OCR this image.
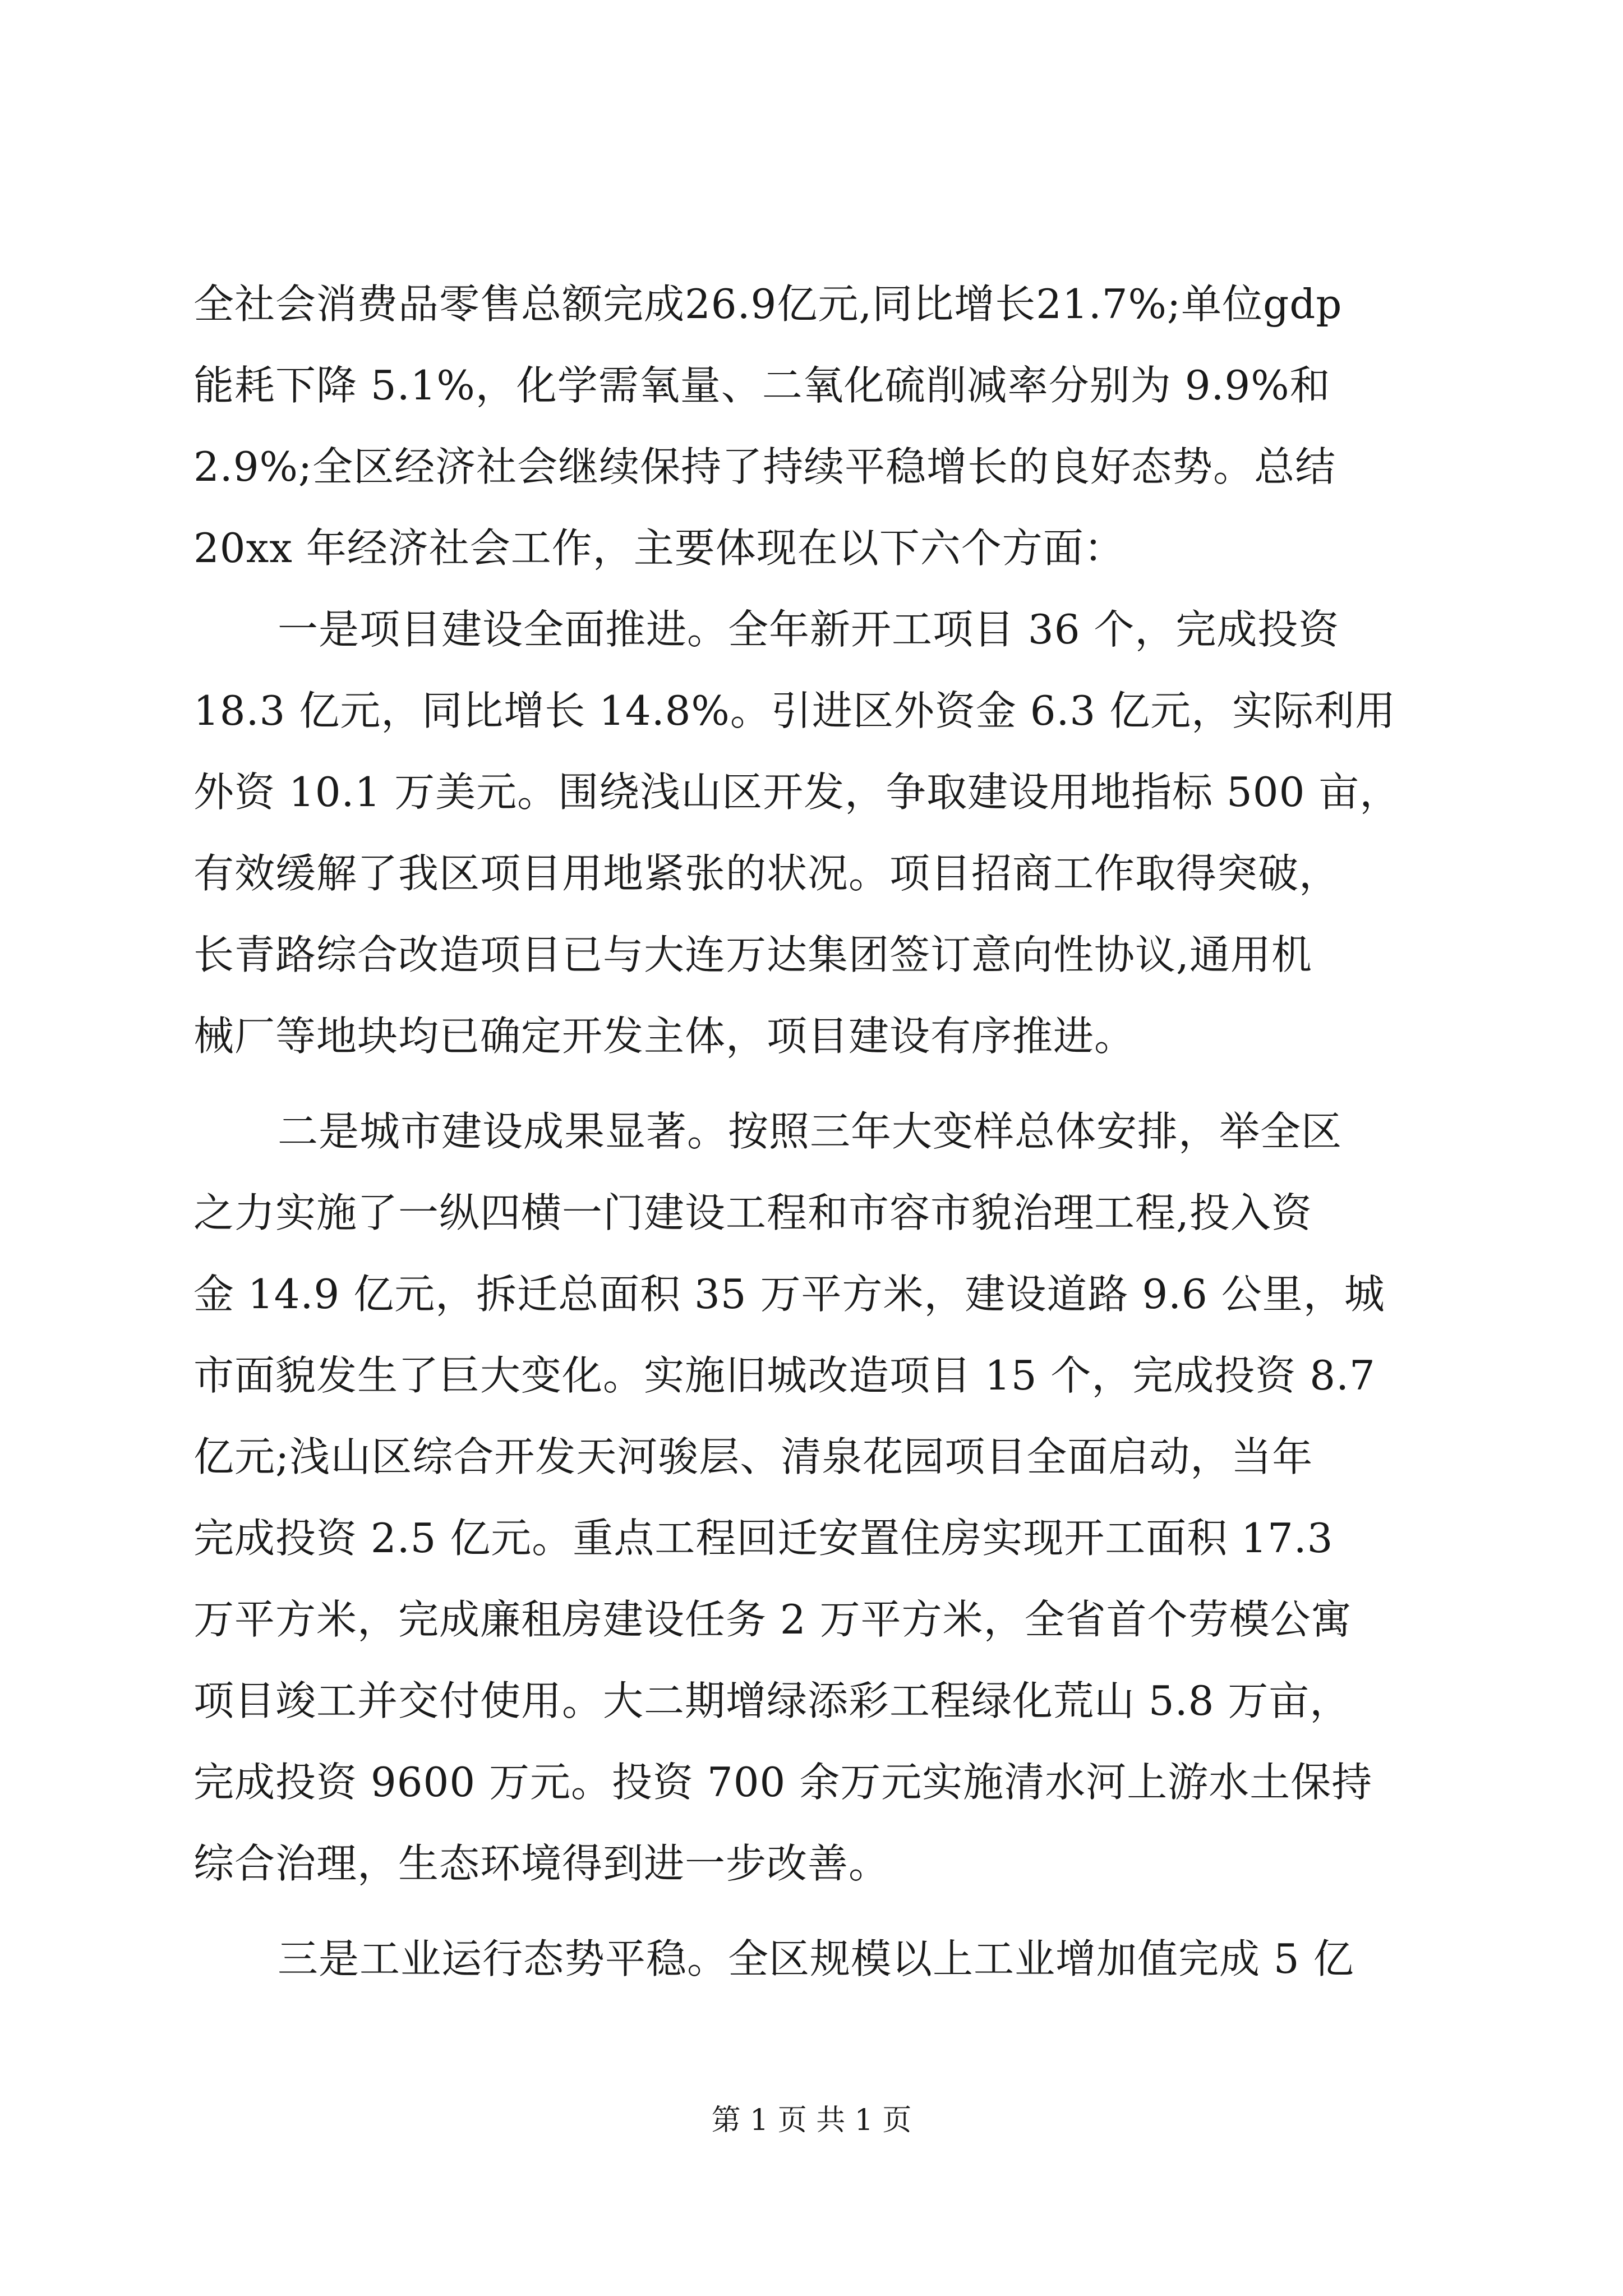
全社会消费品零售总额完成26.9亿元,同比增长21.7%;单位gdp
能耗下降 5.1%，化学需氧量、二氧化硫削减率分别为 9.9%和
2.9%;全区经济社会继续保持了持续平稳增长的良好态势。总结
20xx 年经济社会工作，主要体现在以下六个方面：
一是项目建设全面推进。全年新开工项目 36 个，完成投资
18.3 亿元，同比增长 14.8%。引进区外资金 6.3 亿元，实际利用
外资 10.1 万美元。围绕浅山区开发，争取建设用地指标 500 亩，
有效缓解了我区项目用地紧张的状况。项目招商工作取得突破，
长青路综合改造项目已与大连万达集团签订意向性协议,通用机
械厂等地块均已确定开发主体，项目建设有序推进。
二是城市建设成果显著。按照三年大变样总体安排，举全区
之力实施了一纵四横一门建设工程和市容市貌治理工程,投入资
金 14.9 亿元，拆迁总面积 35 万平方米，建设道路 9.6 公里，城
市面貌发生了巨大变化。实施旧城改造项目 15 个，完成投资 8.7
亿元;浅山区综合开发天河骏层、清泉花园项目全面启动，当年
完成投资 2.5 亿元。重点工程回迁安置住房实现开工面积 17.3
万平方米，完成廉租房建设任务 2 万平方米，全省首个劳模公寓
项目竣工并交付使用。大二期增绿添彩工程绿化荒山 5.8 万亩，
完成投资 9600 万元。投资 700 余万元实施清水河上游水土保持
综合治理，生态环境得到进一步改善。
三是工业运行态势平稳。全区规模以上工业增加值完成 5 亿
第 1 页 共 1 页
